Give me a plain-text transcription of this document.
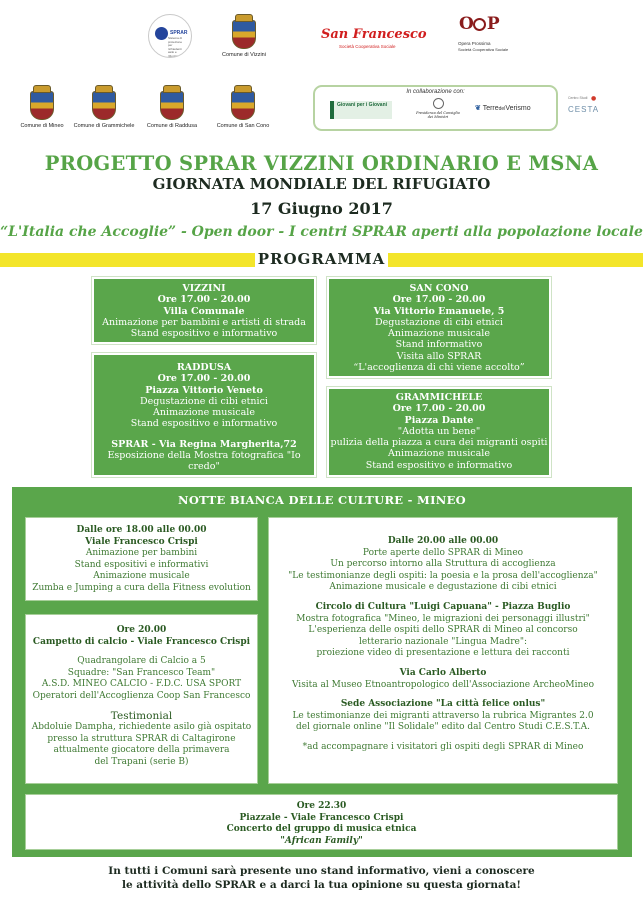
SPRAR
Sistema di protezione per richiedenti asilo e rifugiati	Comune di Vizzini
San Francesco
Società Cooperativa Sociale
O P
Opera Prossima
Società Cooperativa Sociale
Comune di Mineo Comune di Grammichele Comune di Raddusa	Comune di San Cono
In collaborazione con:
Giovani per i Giovani
Presidenza del Consiglio dei Ministri
❦ TerredelVerismo
Centro Studi ●
CESTA
PROGETTO SPRAR VIZZINI ORDINARIO E MSNA
GIORNATA MONDIALE DEL RIFUGIATO
17 Giugno 2017
“L'Italia che Accoglie” - Open door - I centri SPRAR aperti alla popolazione locale
PROGRAMMA
VIZZINI
Ore 17.00 - 20.00
Villa Comunale
Animazione per bambini e artisti di strada
Stand espositivo e informativo
SAN CONO
Ore 17.00 - 20.00
Via Vittorio Emanuele, 5
Degustazione di cibi etnici
Animazione musicale
Stand informativo
Visita allo SPRAR
“L'accoglienza di chi viene accolto”
RADDUSA
Ore 17.00 - 20.00
Piazza Vittorio Veneto
Degustazione di cibi etnici
Animazione musicale
Stand espositivo e informativo
SPRAR - Via Regina Margherita,72
Esposizione della Mostra fotografica "Io credo"
GRAMMICHELE
Ore 17.00 - 20.00
Piazza Dante
"Adotta un bene"
pulizia della piazza a cura dei migranti ospiti
Animazione musicale
Stand espositivo e informativo
NOTTE BIANCA DELLE CULTURE - MINEO
Dalle ore 18.00 alle 00.00
Viale Francesco Crispi
Animazione per bambini
Stand espositivi e informativi
Animazione musicale
Zumba e Jumping a cura della Fitness evolution
Ore 20.00
Campetto di calcio - Viale Francesco Crispi
Quadrangolare di Calcio a 5
Squadre: "San Francesco Team"
A.S.D. MINEO CALCIO - F.D.C. USA SPORT
Operatori dell'Accoglienza Coop San Francesco
Testimonial
Abdoluie Dampha, richiedente asilo già ospitato
presso la struttura SPRAR di Caltagirone
attualmente giocatore della primavera
del Trapani (serie B)
Dalle 20.00 alle 00.00
Porte aperte dello SPRAR di Mineo
Un percorso intorno alla Struttura di accoglienza
"Le testimonianze degli ospiti: la poesia e la prosa dell'accoglienza"
Animazione musicale e degustazione di cibi etnici
Circolo di Cultura "Luigi Capuana" - Piazza Buglio
Mostra fotografica "Mineo, le migrazioni dei personaggi illustri"
L'esperienza delle ospiti dello SPRAR di Mineo al concorso
letterario nazionale "Lingua Madre":
proiezione video di presentazione e lettura dei racconti
Via Carlo Alberto
Visita al Museo Etnoantropologico dell'Associazione ArcheoMineo
Sede Associazione "La città felice onlus"
Le testimonianze dei migranti attraverso la rubrica Migrantes 2.0
del giornale online "Il Solidale" edito dal Centro Studi C.E.S.T.A.
*ad accompagnare i visitatori gli ospiti degli SPRAR di Mineo
Ore 22.30
Piazzale - Viale Francesco Crispi
Concerto del gruppo di musica etnica
"African Family"
In tutti i Comuni sarà presente uno stand informativo, vieni a conoscere
le attività dello SPRAR e a darci la tua opinione su questa giornata!
